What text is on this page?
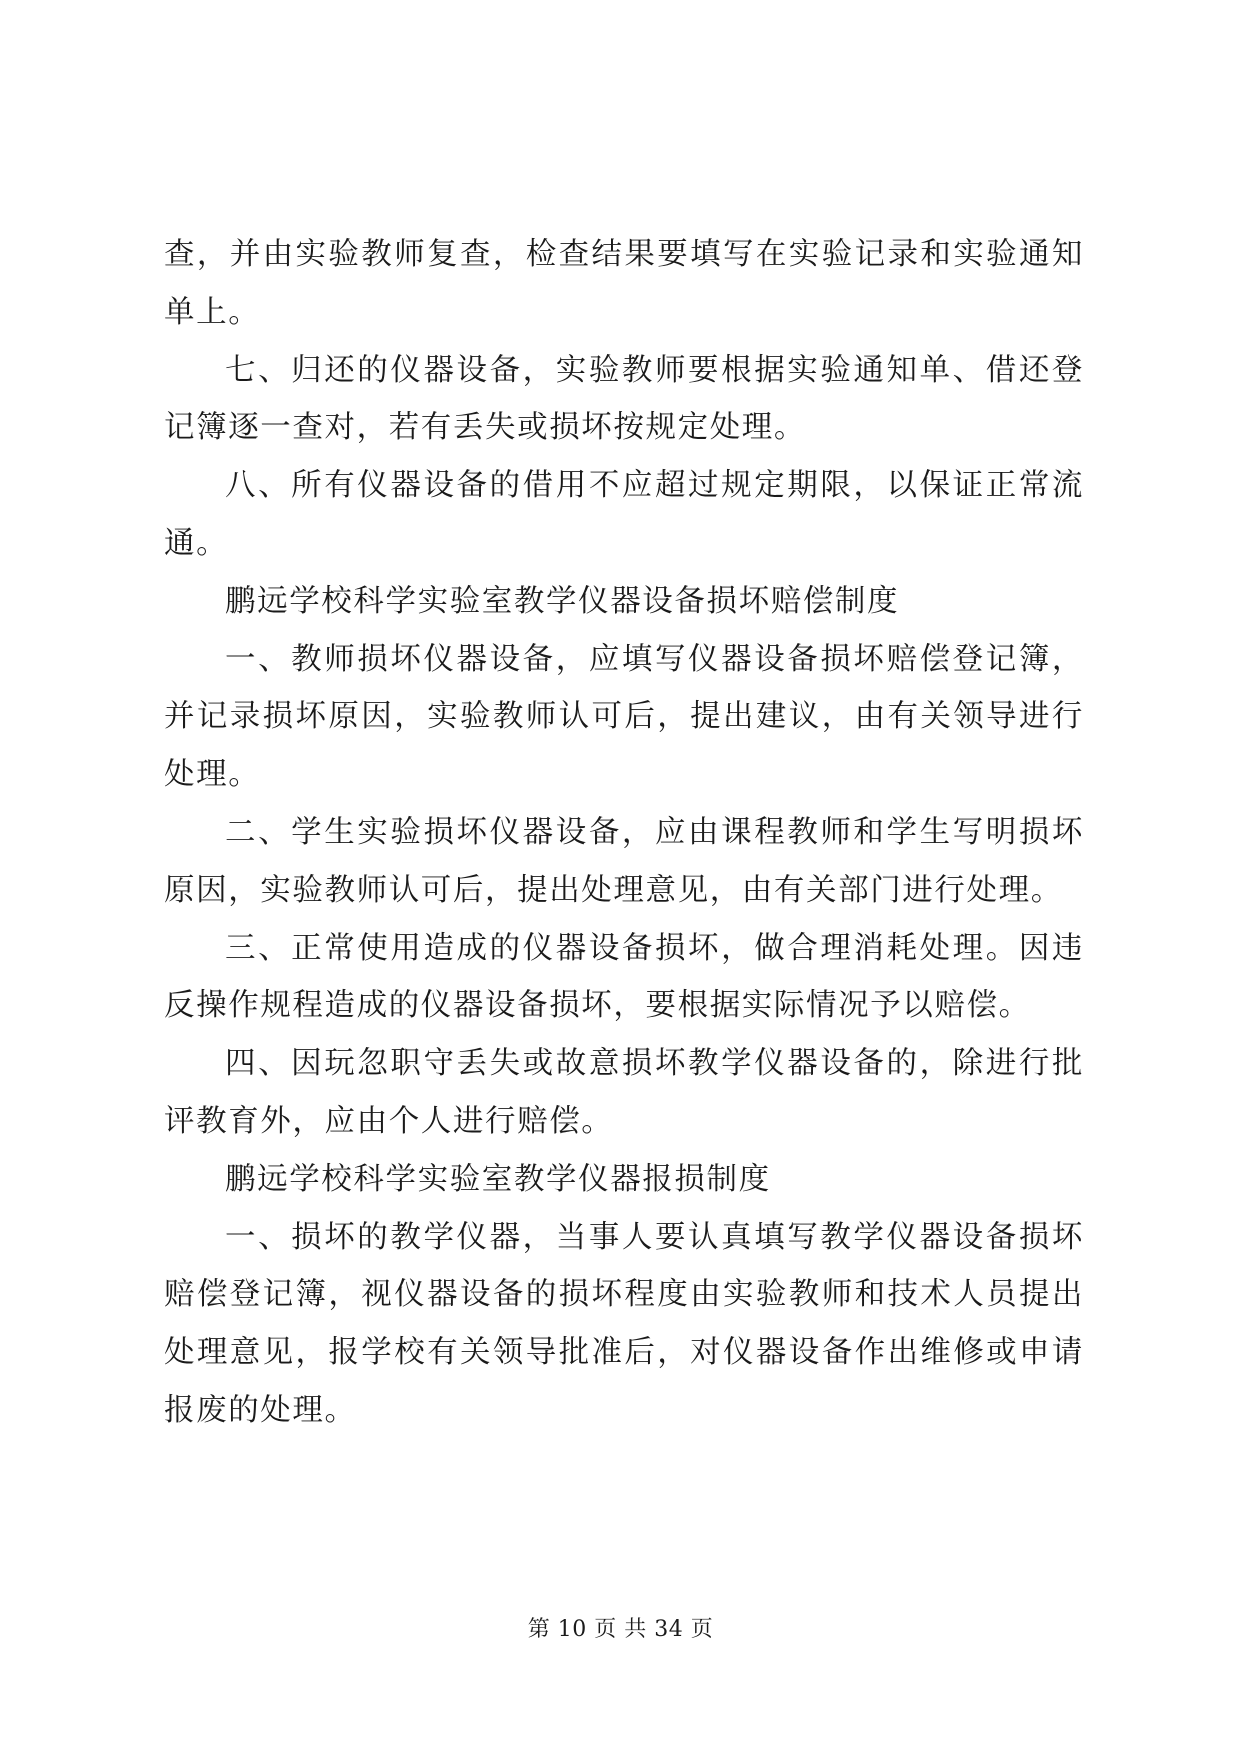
查，并由实验教师复查，检查结果要填写在实验记录和实验通知单上。

七、归还的仪器设备，实验教师要根据实验通知单、借还登记簿逐一查对，若有丢失或损坏按规定处理。

八、所有仪器设备的借用不应超过规定期限，以保证正常流通。

鹏远学校科学实验室教学仪器设备损坏赔偿制度

一、教师损坏仪器设备，应填写仪器设备损坏赔偿登记簿，并记录损坏原因，实验教师认可后，提出建议，由有关领导进行处理。

二、学生实验损坏仪器设备，应由课程教师和学生写明损坏原因，实验教师认可后，提出处理意见，由有关部门进行处理。

三、正常使用造成的仪器设备损坏，做合理消耗处理。因违反操作规程造成的仪器设备损坏，要根据实际情况予以赔偿。

四、因玩忽职守丢失或故意损坏教学仪器设备的，除进行批评教育外，应由个人进行赔偿。

鹏远学校科学实验室教学仪器报损制度

一、损坏的教学仪器，当事人要认真填写教学仪器设备损坏赔偿登记簿，视仪器设备的损坏程度由实验教师和技术人员提出处理意见，报学校有关领导批准后，对仪器设备作出维修或申请报废的处理。

第 10 页 共 34 页
